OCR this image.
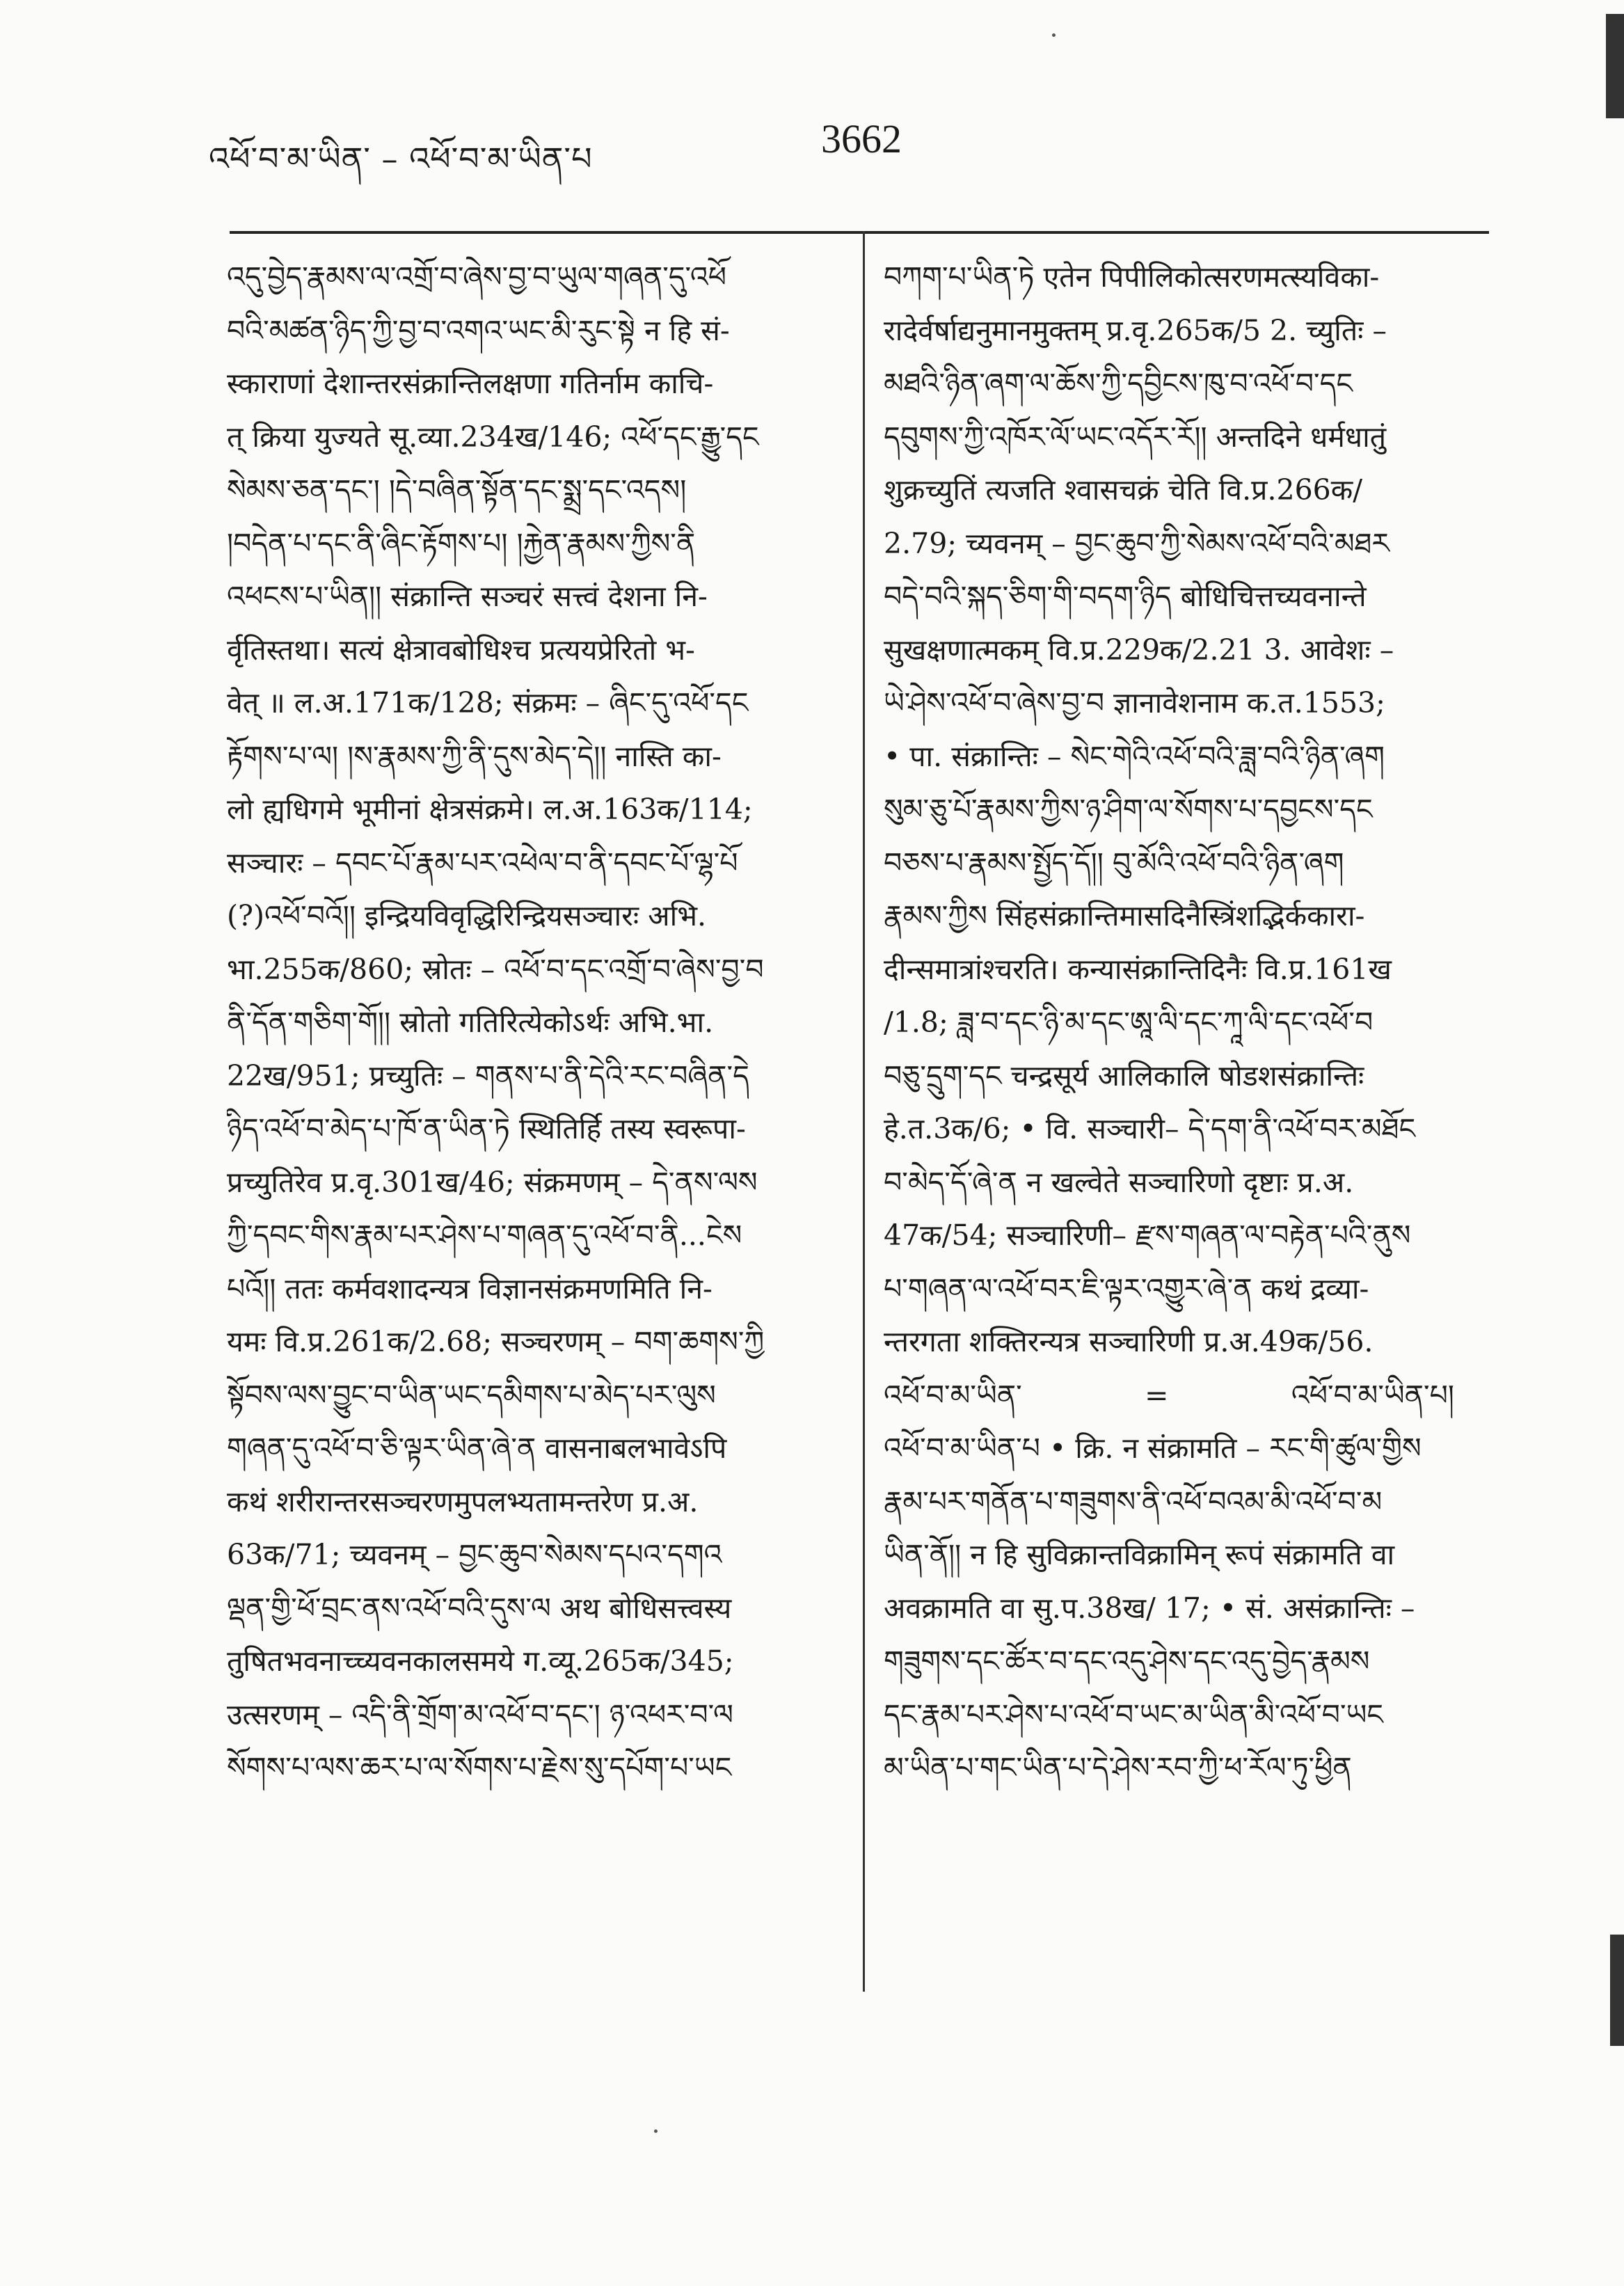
འཕོ་བ་མ་ཡིན་ – འཕོ་བ་མ་ཡིན་པ	3662
འདུ་བྱེད་རྣམས་ལ་འགྲོ་བ་ཞེས་བྱ་བ་ཡུལ་གཞན་དུ་འཕོ
བའི་མཚན་ཉིད་ཀྱི་བྱ་བ་འགའ་ཡང་མི་རུང་སྟེ न हि सं-
स्काराणां देशान्तरसंक्रान्तिलक्षणा गतिर्नाम काचि-
त् क्रिया युज्यते सू.व्या.234ख/146; འཕོ་དང་རྒྱུ་དང
སེམས་ཅན་དང་། །དེ་བཞིན་སྟོན་དང་སྨྲ་དང་འདས།
།བདེན་པ་དང་ནི་ཞིང་རྟོགས་པ། །རྐྱེན་རྣམས་ཀྱིས་ནི
འཕངས་པ་ཡིན།། संक्रान्ति सञ्चरं सत्त्वं देशना नि-
र्वृतिस्तथा। सत्यं क्षेत्रावबोधिश्च प्रत्ययप्रेरितो भ-
वेत् ॥ ल.अ.171क/128; संक्रमः – ཞིང་དུ་འཕོ་དང
རྟོགས་པ་ལ། །ས་རྣམས་ཀྱི་ནི་དུས་མེད་དེ།། नास्ति का-
लो ह्यधिगमे भूमीनां क्षेत्रसंक्रमे। ल.अ.163क/114;
सञ्चारः – དབང་པོ་རྣམ་པར་འཕེལ་བ་ནི་དབང་པོ་ལྷ་པོ
(?)འཕོ་བའོ།། इन्द्रियविवृद्धिरिन्द्रियसञ्चारः अभि.
भा.255क/860; स्रोतः – འཕོ་བ་དང་འགྲོ་བ་ཞེས་བྱ་བ
ནི་དོན་གཅིག་གོ།། स्रोतो गतिरित्येकोऽर्थः अभि.भा.
22ख/951; प्रच्युतिः – གནས་པ་ནི་དེའི་རང་བཞིན་དེ
ཉིད་འཕོ་བ་མེད་པ་ཁོ་ན་ཡིན་ཏེ स्थितिर्हि तस्य स्वरूपा-
प्रच्युतिरेव प्र.वृ.301ख/46; संक्रमणम् – དེ་ནས་ལས
ཀྱི་དབང་གིས་རྣམ་པར་ཤེས་པ་གཞན་དུ་འཕོ་བ་ནི...ངེས
པའོ།། ततः कर्मवशादन्यत्र विज्ञानसंक्रमणमिति नि-
यमः वि.प्र.261क/2.68; सञ्चरणम् – བག་ཆགས་ཀྱི
སྟོབས་ལས་བྱུང་བ་ཡིན་ཡང་དམིགས་པ་མེད་པར་ལུས
གཞན་དུ་འཕོ་བ་ཅི་ལྟར་ཡིན་ཞེ་ན वासनाबलभावेऽपि
कथं शरीरान्तरसञ्चरणमुपलभ्यतामन्तरेण प्र.अ.
63क/71; च्यवनम् – བྱང་ཆུབ་སེམས་དཔའ་དགའ
ལྡན་གྱི་ཕོ་བྲང་ནས་འཕོ་བའི་དུས་ལ अथ बोधिसत्त्वस्य
तुषितभवनाच्च्यवनकालसमये ग.व्यू.265क/345;
उत्सरणम् – འདི་ནི་གྲོག་མ་འཕོ་བ་དང་། ཉ་འཕར་བ་ལ
སོགས་པ་ལས་ཆར་པ་ལ་སོགས་པ་རྗེས་སུ་དཔོག་པ་ཡང
བཀག་པ་ཡིན་ཏེ एतेन पिपीलिकोत्सरणमत्स्यविका-
रादेर्वर्षाद्यनुमानमुक्तम् प्र.वृ.265क/5 2. च्युतिः –
མཐའི་ཉིན་ཞག་ལ་ཆོས་ཀྱི་དབྱིངས་ཁུ་བ་འཕོ་བ་དང
དབུགས་ཀྱི་འཁོར་ལོ་ཡང་འདོར་རོ།། अन्तदिने धर्मधातुं
शुक्रच्युतिं त्यजति श्वासचक्रं चेति वि.प्र.266क/
2.79; च्यवनम् – བྱང་ཆུབ་ཀྱི་སེམས་འཕོ་བའི་མཐར
བདེ་བའི་སྐད་ཅིག་གི་བདག་ཉིད बोधिचित्तच्यवनान्ते
सुखक्षणात्मकम् वि.प्र.229क/2.21 3. आवेशः –
ཡེ་ཤེས་འཕོ་བ་ཞེས་བྱ་བ ज्ञानावेशनाम क.त.1553;
• पा. संक्रान्तिः – སེང་གེའི་འཕོ་བའི་ཟླ་བའི་ཉིན་ཞག
སུམ་ཅུ་པོ་རྣམས་ཀྱིས་ཉ་ཤིག་ལ་སོགས་པ་དབྱངས་དང
བཅས་པ་རྣམས་སྤྱོད་དོ།། བུ་མོའི་འཕོ་བའི་ཉིན་ཞག
རྣམས་ཀྱིས सिंहसंक्रान्तिमासदिनैस्त्रिंशद्भिर्ककारा-
दीन्समात्रांश्चरति। कन्यासंक्रान्तिदिनैः वि.प्र.161ख
/1.8; ཟླ་བ་དང་ཉི་མ་དང་ཨཱ་ལི་དང་ཀཱ་ལི་དང་འཕོ་བ
བཅུ་དྲུག་དང चन्द्रसूर्य आलिकालि षोडशसंक्रान्तिः
हे.त.3क/6; • वि. सञ्चारी– དེ་དག་ནི་འཕོ་བར་མཐོང
བ་མེད་དོ་ཞེ་ན न खल्वेते सञ्चारिणो दृष्टाः प्र.अ.
47क/54; सञ्चारिणी– རྫས་གཞན་ལ་བརྟེན་པའི་ནུས
པ་གཞན་ལ་འཕོ་བར་ཇི་ལྟར་འགྱུར་ཞེ་ན कथं द्रव्या-
न्तरगता शक्तिरन्यत्र सञ्चारिणी प्र.अ.49क/56.
འཕོ་བ་མ་ཡིན་	=	འཕོ་བ་མ་ཡིན་པ།
འཕོ་བ་མ་ཡིན་པ • क्रि. न संक्रामति – རང་གི་ཚུལ་གྱིས
རྣམ་པར་གནོན་པ་གཟུགས་ནི་འཕོ་བའམ་མི་འཕོ་བ་མ
ཡིན་ནོ།། न हि सुविक्रान्तविक्रामिन् रूपं संक्रामति वा
अवक्रामति वा सु.प.38ख/ 17; • सं. असंक्रान्तिः –
གཟུགས་དང་ཚོར་བ་དང་འདུ་ཤེས་དང་འདུ་བྱེད་རྣམས
དང་རྣམ་པར་ཤེས་པ་འཕོ་བ་ཡང་མ་ཡིན་མི་འཕོ་བ་ཡང
མ་ཡིན་པ་གང་ཡིན་པ་དེ་ཤེས་རབ་ཀྱི་ཕ་རོལ་ཏུ་ཕྱིན
